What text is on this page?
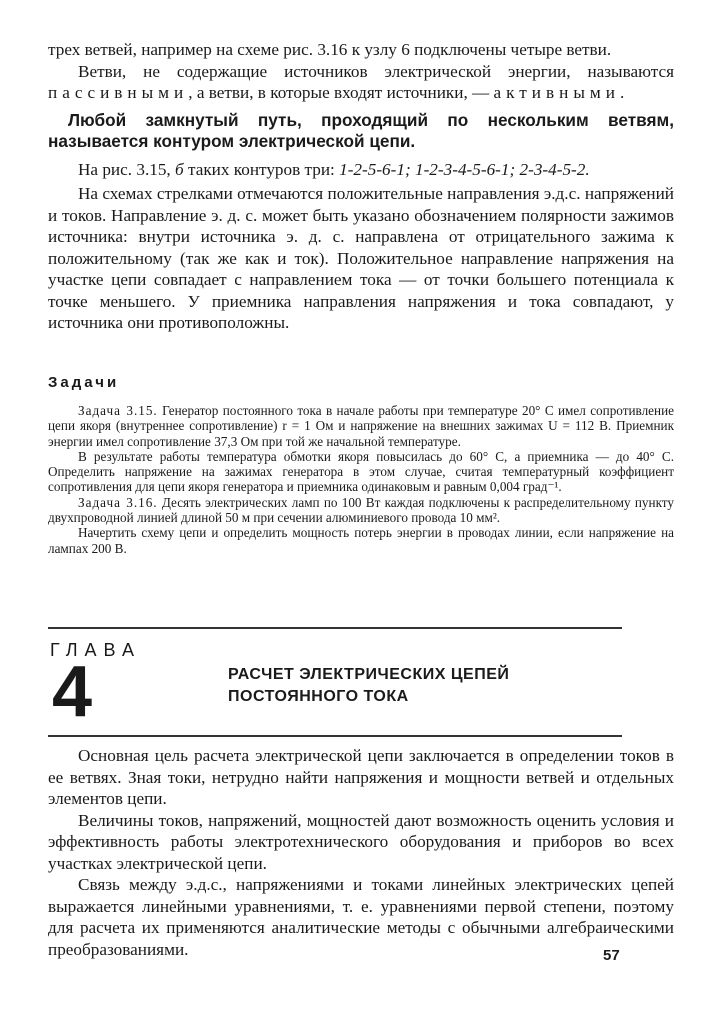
трех ветвей, например на схеме рис. 3.16 к узлу 6 подключены четыре ветви.

Ветви, не содержащие источников электрической энергии, называются пассивными, а ветви, в которые входят источники, — активными.

Любой замкнутый путь, проходящий по нескольким ветвям, называется контуром электрической цепи.

На рис. 3.15, б таких контуров три: 1-2-5-6-1; 1-2-3-4-5-6-1; 2-3-4-5-2.

На схемах стрелками отмечаются положительные направления э.д.с. напряжений и токов. Направление э. д. с. может быть указано обозначением полярности зажимов источника: внутри источника э. д. с. направлена от отрицательного зажима к положительному (так же как и ток). Положительное направление напряжения на участке цепи совпадает с направлением тока — от точки большего потенциала к точке меньшего. У приемника направления напряжения и тока совпадают, у источника они противоположны.

Задачи

Задача 3.15. Генератор постоянного тока в начале работы при температуре 20° С имел сопротивление цепи якоря (внутреннее сопротивление) r = 1 Ом и напряжение на внешних зажимах U = 112 В. Приемник энергии имел сопротивление 37,3 Ом при той же начальной температуре.

В результате работы температура обмотки якоря повысилась до 60° С, а приемника — до 40° С. Определить напряжение на зажимах генератора в этом случае, считая температурный коэффициент сопротивления для цепи якоря генератора и приемника одинаковым и равным 0,004 град⁻¹.

Задача 3.16. Десять электрических ламп по 100 Вт каждая подключены к распределительному пункту двухпроводной линией длиной 50 м при сечении алюминиевого провода 10 мм².

Начертить схему цепи и определить мощность потерь энергии в проводах линии, если напряжение на лампах 200 В.

ГЛАВА
4	РАСЧЕТ ЭЛЕКТРИЧЕСКИХ ЦЕПЕЙ
ПОСТОЯННОГО ТОКА

Основная цель расчета электрической цепи заключается в определении токов в ее ветвях. Зная токи, нетрудно найти напряжения и мощности ветвей и отдельных элементов цепи.

Величины токов, напряжений, мощностей дают возможность оценить условия и эффективность работы электротехнического оборудования и приборов во всех участках электрической цепи.

Связь между э.д.с., напряжениями и токами линейных электрических цепей выражается линейными уравнениями, т. е. уравнениями первой степени, поэтому для расчета их применяются аналитические методы с обычными алгебраическими преобразованиями.	57
